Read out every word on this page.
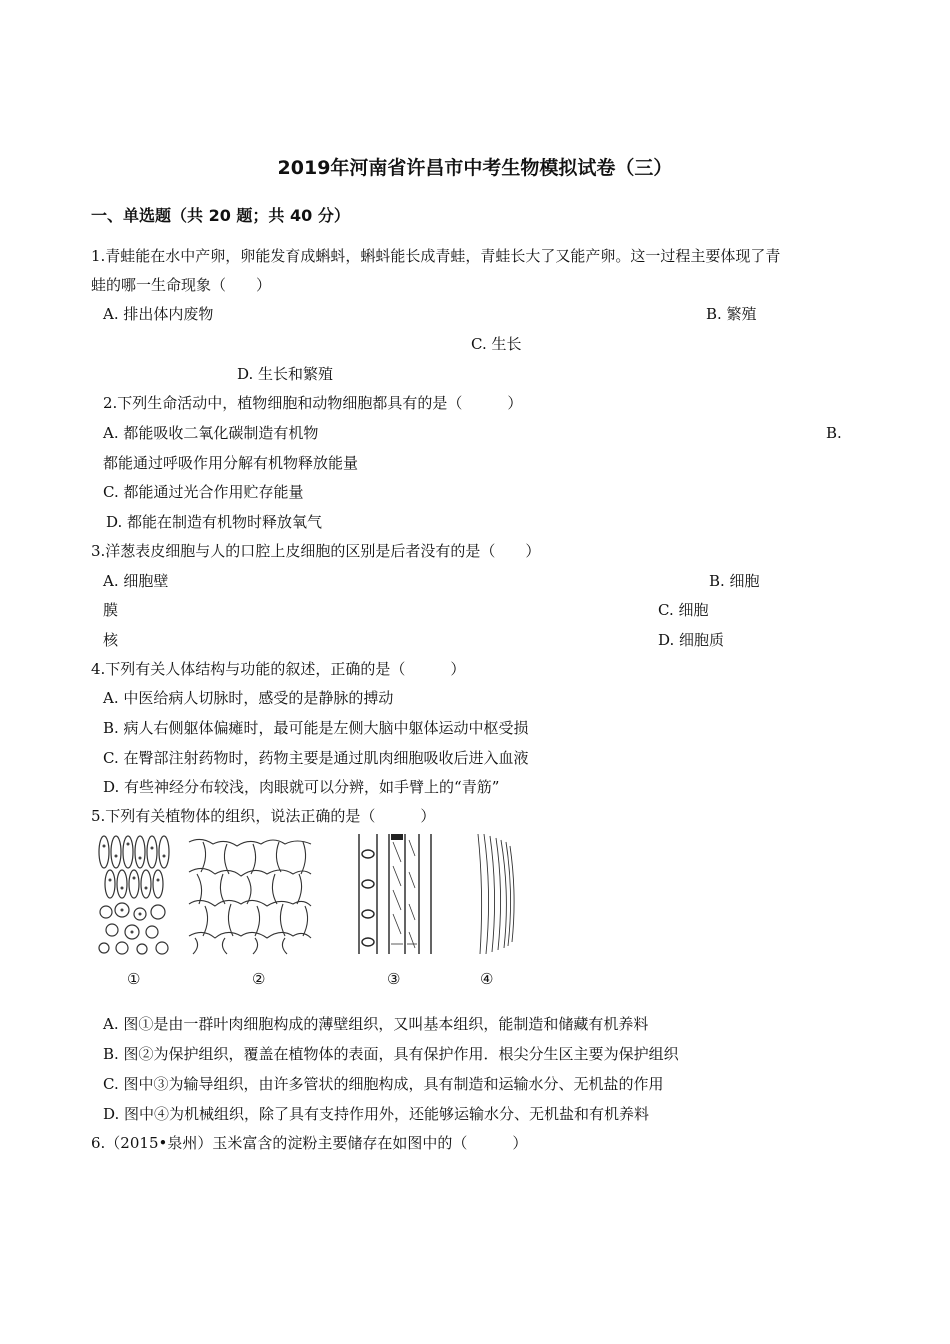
2019年河南省许昌市中考生物模拟试卷（三）
一、单选题（共 20 题；共 40 分）
1.青蛙能在水中产卵，卵能发育成蝌蚪，蝌蚪能长成青蛙，青蛙长大了又能产卵。这一过程主要体现了青
蛙的哪一生命现象（　　）
A. 排出体内废物	B. 繁殖
C. 生长
D. 生长和繁殖
2.下列生命活动中，植物细胞和动物细胞都具有的是（　　　）
A. 都能吸收二氧化碳制造有机物	B.
都能通过呼吸作用分解有机物释放能量
C. 都能通过光合作用贮存能量
D. 都能在制造有机物时释放氧气
3.洋葱表皮细胞与人的口腔上皮细胞的区别是后者没有的是（　　）
A. 细胞壁	B. 细胞
膜	C. 细胞
核	D. 细胞质
4.下列有关人体结构与功能的叙述，正确的是（　　　）
A. 中医给病人切脉时，感受的是静脉的搏动
B. 病人右侧躯体偏瘫时，最可能是左侧大脑中躯体运动中枢受损
C. 在臀部注射药物时，药物主要是通过肌肉细胞吸收后进入血液
D. 有些神经分布较浅，肉眼就可以分辨，如手臂上的“青筋”
5.下列有关植物体的组织，说法正确的是（　　　）
①	②	③	④
A. 图①是由一群叶肉细胞构成的薄壁组织，又叫基本组织，能制造和储藏有机养料
B. 图②为保护组织，覆盖在植物体的表面，具有保护作用．根尖分生区主要为保护组织
C. 图中③为输导组织，由许多管状的细胞构成，具有制造和运输水分、无机盐的作用
D. 图中④为机械组织，除了具有支持作用外，还能够运输水分、无机盐和有机养料
6.（2015•泉州）玉米富含的淀粉主要储存在如图中的（　　　）
